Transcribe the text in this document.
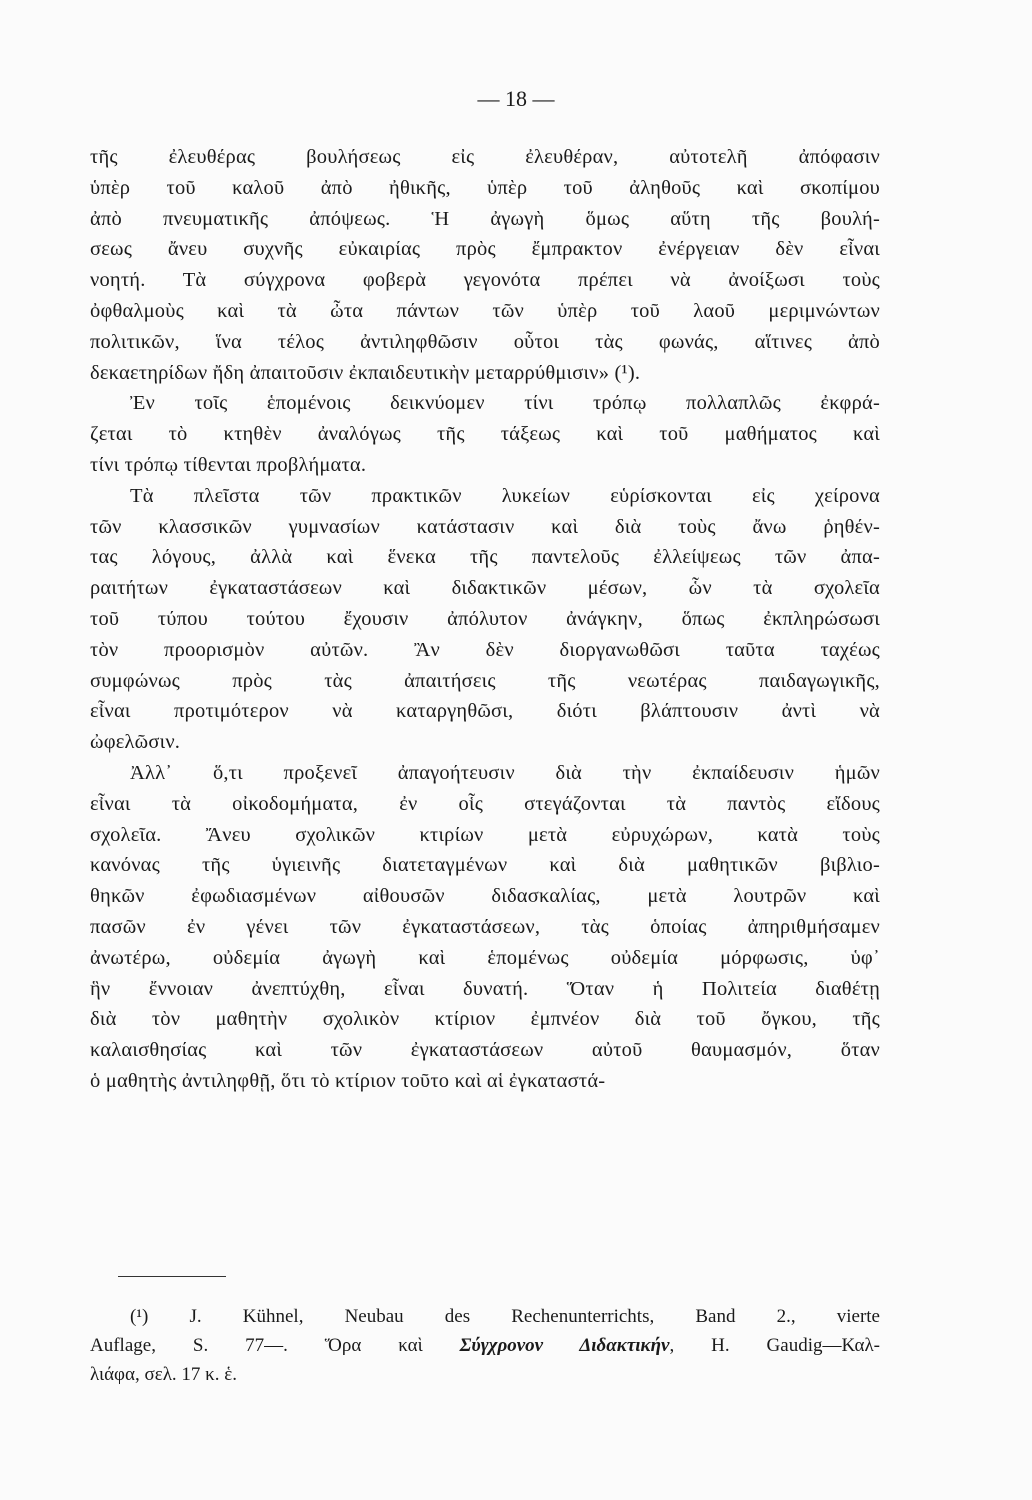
— 18 —
τῆς ἐλευθέρας βουλήσεως εἰς ἐλευθέραν, αὐτοτελῆ ἀπόφασιν
ὑπὲρ τοῦ καλοῦ ἀπὸ ἠθικῆς, ὑπὲρ τοῦ ἀληθοῦς καὶ σκοπίμου
ἀπὸ πνευματικῆς ἀπόψεως. Ἡ ἀγωγὴ ὅμως αὕτη τῆς βουλή-
σεως ἄνευ συχνῆς εὐκαιρίας πρὸς ἔμπρακτον ἐνέργειαν δὲν εἶναι
νοητή. Τὰ σύγχρονα φοβερὰ γεγονότα πρέπει νὰ ἀνοίξωσι τοὺς
ὀφθαλμοὺς καὶ τὰ ὦτα πάντων τῶν ὑπὲρ τοῦ λαοῦ μεριμνώντων
πολιτικῶν, ἵνα τέλος ἀντιληφθῶσιν οὗτοι τὰς φωνάς, αἵτινες ἀπὸ
δεκαετηρίδων ἤδη ἀπαιτοῦσιν ἐκπαιδευτικὴν μεταρρύθμισιν» (¹).
Ἐν τοῖς ἑπομένοις δεικνύομεν τίνι τρόπῳ πολλαπλῶς ἐκφρά-
ζεται τὸ κτηθὲν ἀναλόγως τῆς τάξεως καὶ τοῦ μαθήματος καὶ
τίνι τρόπῳ τίθενται προβλήματα.
Τὰ πλεῖστα τῶν πρακτικῶν λυκείων εὑρίσκονται εἰς χείρονα
τῶν κλασσικῶν γυμνασίων κατάστασιν καὶ διὰ τοὺς ἄνω ῥηθέν-
τας λόγους, ἀλλὰ καὶ ἕνεκα τῆς παντελοῦς ἐλλείψεως τῶν ἀπα-
ραιτήτων ἐγκαταστάσεων καὶ διδακτικῶν μέσων, ὧν τὰ σχολεῖα
τοῦ τύπου τούτου ἔχουσιν ἀπόλυτον ἀνάγκην, ὅπως ἐκπληρώσωσι
τὸν προορισμὸν αὐτῶν. Ἂν δὲν διοργανωθῶσι ταῦτα ταχέως
συμφώνως πρὸς τὰς ἀπαιτήσεις τῆς νεωτέρας παιδαγωγικῆς,
εἶναι προτιμότερον νὰ καταργηθῶσι, διότι βλάπτουσιν ἀντὶ νὰ
ὠφελῶσιν.
Ἀλλ᾿ ὅ,τι προξενεῖ ἀπαγοήτευσιν διὰ τὴν ἐκπαίδευσιν ἡμῶν
εἶναι τὰ οἰκοδομήματα, ἐν οἷς στεγάζονται τὰ παντὸς εἴδους
σχολεῖα. Ἄνευ σχολικῶν κτιρίων μετὰ εὐρυχώρων, κατὰ τοὺς
κανόνας τῆς ὑγιεινῆς διατεταγμένων καὶ διὰ μαθητικῶν βιβλιο-
θηκῶν ἐφωδιασμένων αἰθουσῶν διδασκαλίας, μετὰ λουτρῶν καὶ
πασῶν ἐν γένει τῶν ἐγκαταστάσεων, τὰς ὁποίας ἀπηριθμήσαμεν
ἀνωτέρω, οὐδεμία ἀγωγὴ καὶ ἑπομένως οὐδεμία μόρφωσις, ὑφ᾿
ἣν ἔννοιαν ἀνεπτύχθη, εἶναι δυνατή. Ὅταν ἡ Πολιτεία διαθέτῃ
διὰ τὸν μαθητὴν σχολικὸν κτίριον ἐμπνέον διὰ τοῦ ὄγκου, τῆς
καλαισθησίας καὶ τῶν ἐγκαταστάσεων αὐτοῦ θαυμασμόν, ὅταν
ὁ μαθητὴς ἀντιληφθῇ, ὅτι τὸ κτίριον τοῦτο καὶ αἱ ἐγκαταστά-
(¹) J. Kühnel, Neubau des Rechenunterrichts, Band 2., vierte
Auflage, S. 77—. Ὅρα καὶ Σύγχρονον Διδακτικήν, H. Gaudig—Καλ-
λιάφα, σελ. 17 κ. ἑ.
